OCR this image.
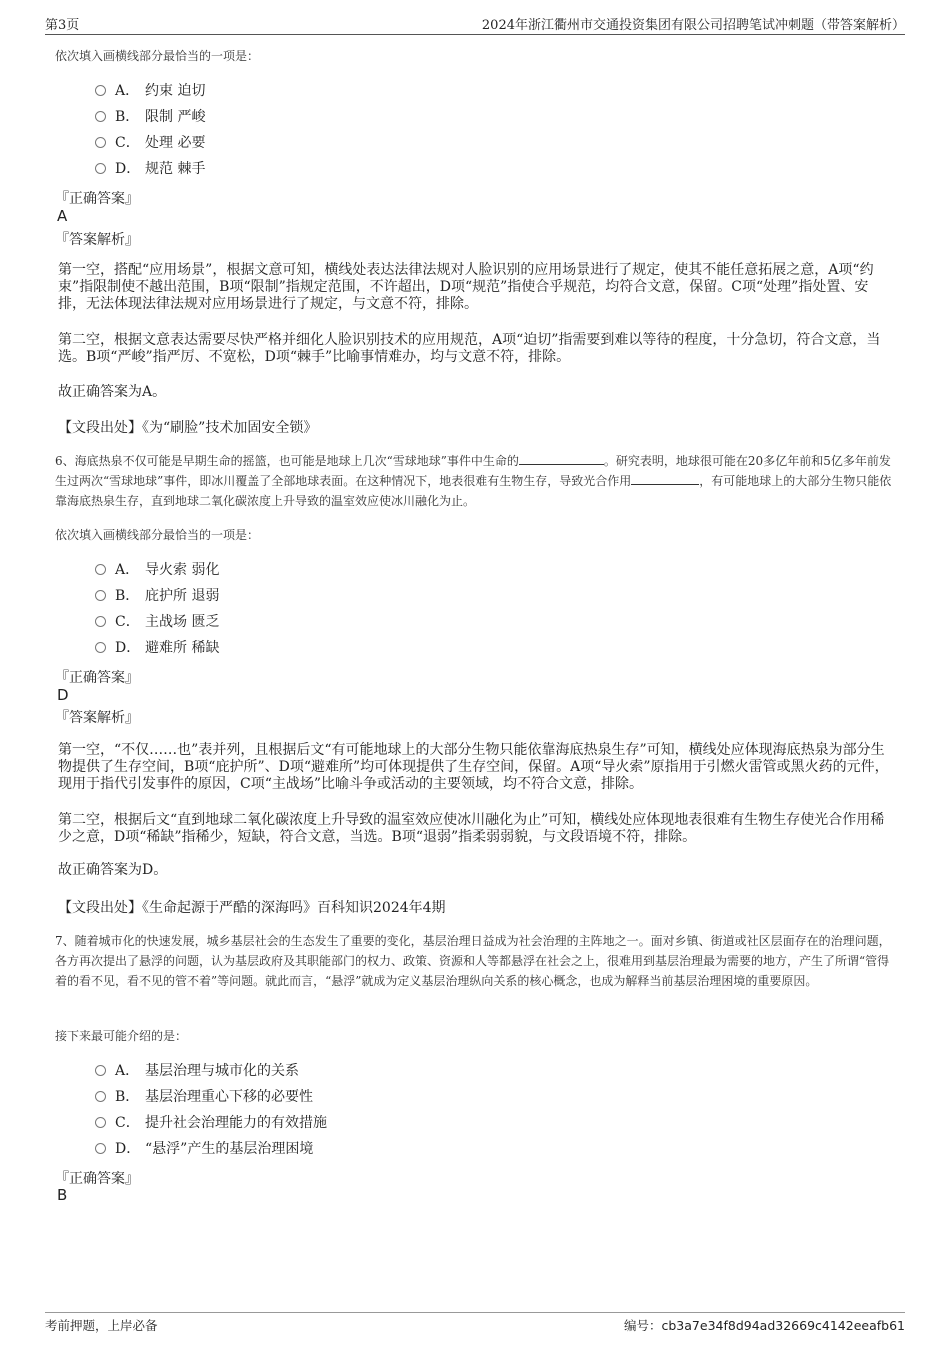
第3页	2024年浙江衢州市交通投资集团有限公司招聘笔试冲刺题（带答案解析）
依次填入画横线部分最恰当的一项是：
A． 约束 迫切
B． 限制 严峻
C． 处理 必要
D． 规范 棘手
『正确答案』
A
『答案解析』
第一空，搭配“应用场景”，根据文意可知，横线处表达法律法规对人脸识别的应用场景进行了规定，使其不能任意拓展之意，A项“约束”指限制使不越出范围，B项“限制”指规定范围，不许超出，D项“规范”指使合乎规范，均符合文意，保留。C项“处理”指处置、安排，无法体现法律法规对应用场景进行了规定，与文意不符，排除。
第二空，根据文意表达需要尽快严格并细化人脸识别技术的应用规范，A项“迫切”指需要到难以等待的程度，十分急切，符合文意，当选。B项“严峻”指严厉、不宽松，D项“棘手”比喻事情难办，均与文意不符，排除。
故正确答案为A。
【文段出处】《为“刷脸”技术加固安全锁》
6、海底热泉不仅可能是早期生命的摇篮，也可能是地球上几次“雪球地球”事件中生命的	。研究表明，地球很可能在20多亿年前和5亿多年前发生过两次“雪球地球”事件，即冰川覆盖了全部地球表面。在这种情况下，地表很难有生物生存，导致光合作用	，有可能地球上的大部分生物只能依靠海底热泉生存，直到地球二氧化碳浓度上升导致的温室效应使冰川融化为止。
依次填入画横线部分最恰当的一项是：
A． 导火索 弱化
B． 庇护所 退弱
C． 主战场 匮乏
D． 避难所 稀缺
『正确答案』
D
『答案解析』
第一空，“不仅……也”表并列，且根据后文“有可能地球上的大部分生物只能依靠海底热泉生存”可知，横线处应体现海底热泉为部分生物提供了生存空间，B项“庇护所”、D项“避难所”均可体现提供了生存空间，保留。A项“导火索”原指用于引燃火雷管或黑火药的元件，现用于指代引发事件的原因，C项“主战场”比喻斗争或活动的主要领域，均不符合文意，排除。
第二空，根据后文“直到地球二氧化碳浓度上升导致的温室效应使冰川融化为止”可知，横线处应体现地表很难有生物生存使光合作用稀少之意，D项“稀缺”指稀少，短缺，符合文意，当选。B项“退弱”指柔弱弱貌，与文段语境不符，排除。
故正确答案为D。
【文段出处】《生命起源于严酷的深海吗》百科知识2024年4期
7、随着城市化的快速发展，城乡基层社会的生态发生了重要的变化，基层治理日益成为社会治理的主阵地之一。面对乡镇、街道或社区层面存在的治理问题，各方再次提出了悬浮的问题，认为基层政府及其职能部门的权力、政策、资源和人等都悬浮在社会之上，很难用到基层治理最为需要的地方，产生了所谓“管得着的看不见，看不见的管不着”等问题。就此而言，“悬浮”就成为定义基层治理纵向关系的核心概念，也成为解释当前基层治理困境的重要原因。
接下来最可能介绍的是：
A． 基层治理与城市化的关系
B． 基层治理重心下移的必要性
C． 提升社会治理能力的有效措施
D． “悬浮”产生的基层治理困境
『正确答案』
B
考前押题，上岸必备	编号：cb3a7e34f8d94ad32669c4142eeafb61
